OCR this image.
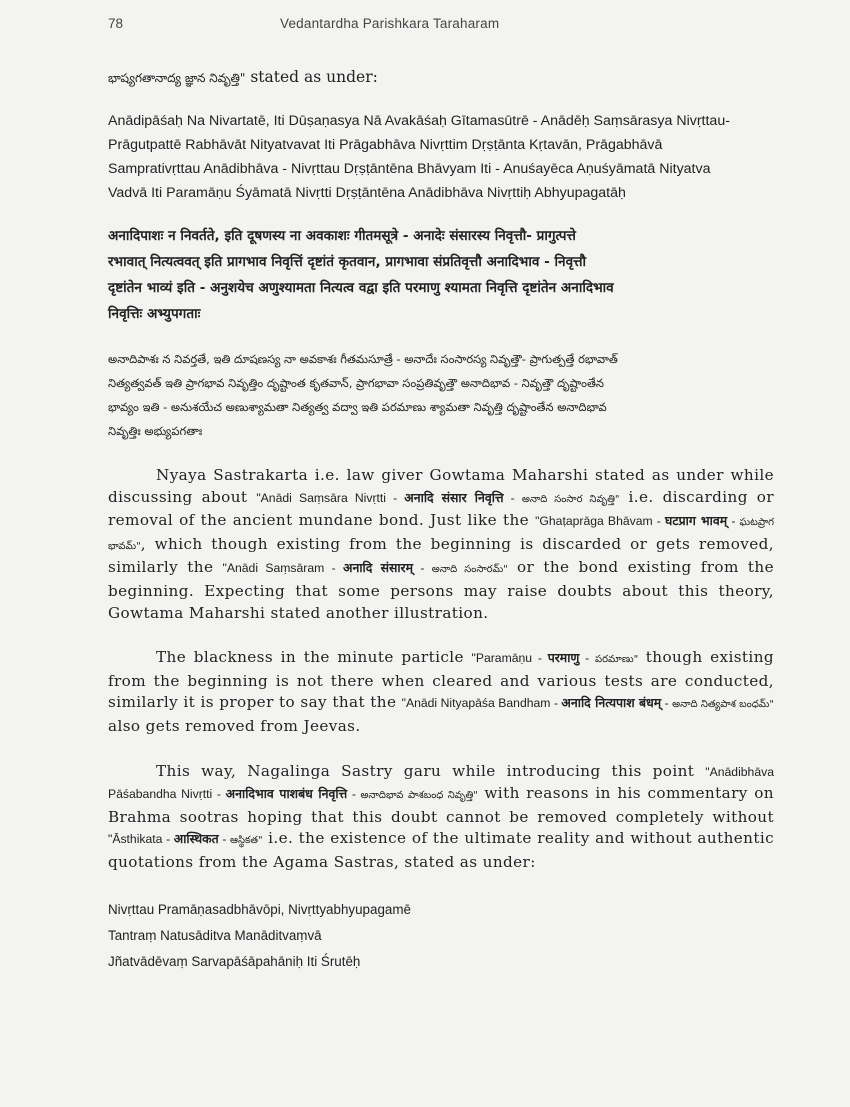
78	Vedantardha Parishkara Taraharam

భాష్యగతానాద్య జ్ఞాన నివృత్తి" stated as under:

Anādipāśaḥ Na Nivartatē, Iti Dūṣaṇasya Nā Avakāśaḥ Gītamasūtrē - Anādēḥ Saṃsārasya Nivṛttau-
Prāgutpattē Rabhāvāt Nityatvavat Iti Prāgabhāva Nivṛttim Dṛṣṭānta Kṛtavān, Prāgabhāvā
Samprativṛttau Anādibhāva - Nivṛttau Dṛṣṭāntēna Bhāvyam Iti - Anuśayēca Aṇuśyāmatā Nityatva
Vadvā Iti Paramāṇu Śyāmatā Nivṛtti Dṛṣṭāntēna Anādibhāva Nivṛttiḥ Abhyupagatāḥ
अनादिपाशः न निवर्तते, इति दूषणस्य ना अवकाशः गीतमसूत्रे - अनादेः संसारस्य निवृत्तौ- प्रागुत्पत्ते
रभावात् नित्यत्ववत् इति प्रागभाव निवृत्तिं दृष्टांतं कृतवान, प्रागभावा संप्रतिवृत्तौ अनादिभाव - निवृत्तौ
दृष्टांतेन भाव्यं इति - अनुशयेच अणुश्यामता नित्यत्व वद्वा इति परमाणु श्यामता निवृत्ति दृष्टांतेन अनादिभाव
निवृत्तिः अभ्युपगताः
అనాదిపాశః న నివర్తతే, ఇతి దూషణస్య నా అవకాశః గీతమసూత్రే - అనాదేః సంసారస్య నివృత్తౌ- ప్రాగుత్పత్తే రభావాత్
నిత్యత్వవత్ ఇతి ప్రాగభావ నివృత్తిం దృష్టాంత కృతవాన్, ప్రాగభావా సంప్రతివృత్తౌ అనాదిభావ - నివృత్తౌ దృష్టాంతేన
భావ్యం ఇతి - అనుశయేచ అణుశ్యామతా నిత్యత్వ వద్వా ఇతి పరమాణు శ్యామతా నివృత్తి దృష్టాంతేన అనాదిభావ
నివృత్తిః అభ్యుపగతాః

Nyaya Sastrakarta i.e. law giver Gowtama Maharshi stated as under while discussing about "Anādi Saṃsāra Nivṛtti - अनादि संसार निवृत्ति - అనాది సంసార నివృత్తి" i.e. discarding or removal of the ancient mundane bond. Just like the "Ghaṭaprāga Bhāvam - घटप्राग भावम् - ఘటప్రాగ భావమ్", which though existing from the beginning is discarded or gets removed, similarly the "Anādi Saṃsāram - अनादि संसारम् - అనాది సంసారమ్" or the bond existing from the beginning. Expecting that some persons may raise doubts about this theory, Gowtama Maharshi stated another illustration.

The blackness in the minute particle "Paramāṇu - परमाणु - పరమాణు" though existing from the beginning is not there when cleared and various tests are conducted, similarly it is proper to say that the "Anādi Nityapāśa Bandham - अनादि नित्यपाश बंधम् - అనాది నిత్యపాశ బంధమ్" also gets removed from Jeevas.

This way, Nagalinga Sastry garu while introducing this point "Anādibhāva Pāśabandha Nivṛtti - अनादिभाव पाशबंध निवृत्ति - అనాదిభావ పాశబంధ నివృత్తి" with reasons in his commentary on Brahma sootras hoping that this doubt cannot be removed completely without "Āsthikata - आस्थिकत - ఆస్థికత" i.e. the existence of the ultimate reality and without authentic quotations from the Agama Sastras, stated as under:

Nivṛttau Pramāṇasadbhāvōpi, Nivṛttyabhyupagamē

Tantraṃ Natusāditva Manāditvaṃvā

Jñatvādēvaṃ Sarvapāśāpahāniḥ Iti Śrutēḥ
